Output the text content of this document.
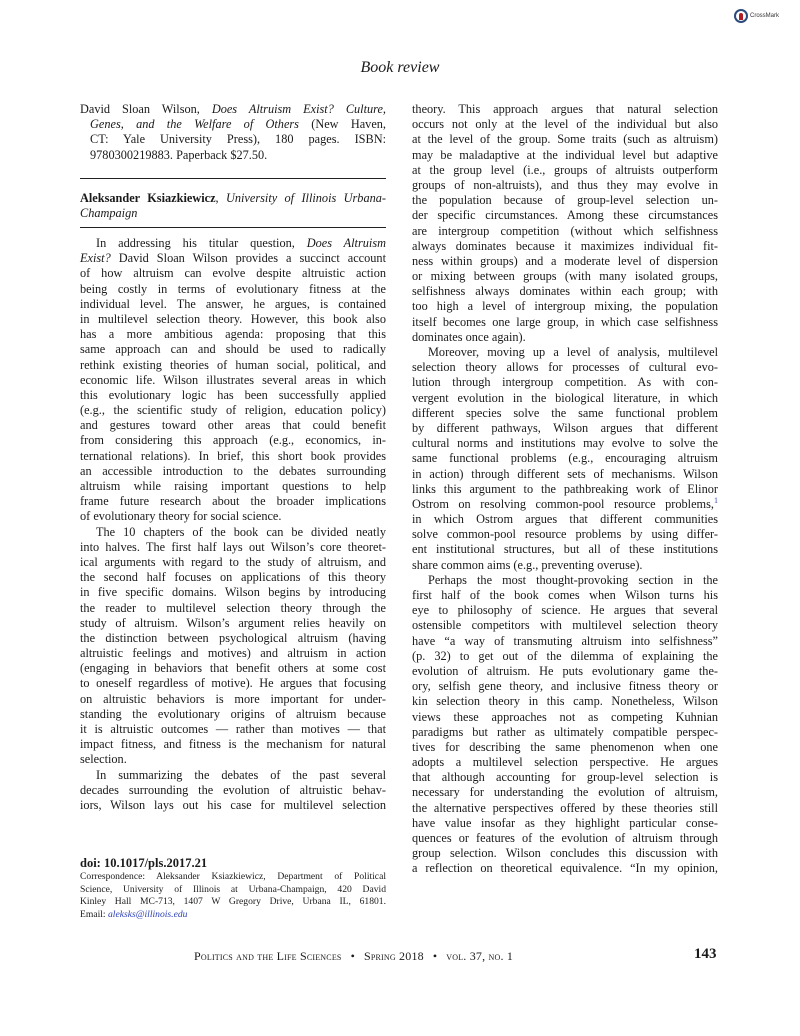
CrossMark
Book review
David Sloan Wilson, Does Altruism Exist? Culture,
Genes, and the Welfare of Others (New Haven,
CT: Yale University Press), 180 pages. ISBN:
9780300219883. Paperback $27.50.
Aleksander Ksiazkiewicz, University of Illinois Urbana-
Champaign
In addressing his titular question, Does Altruism
Exist? David Sloan Wilson provides a succinct account
of how altruism can evolve despite altruistic action
being costly in terms of evolutionary fitness at the
individual level. The answer, he argues, is contained
in multilevel selection theory. However, this book also
has a more ambitious agenda: proposing that this
same approach can and should be used to radically
rethink existing theories of human social, political, and
economic life. Wilson illustrates several areas in which
this evolutionary logic has been successfully applied
(e.g., the scientific study of religion, education policy)
and gestures toward other areas that could benefit
from considering this approach (e.g., economics, in-
ternational relations). In brief, this short book provides
an accessible introduction to the debates surrounding
altruism while raising important questions to help
frame future research about the broader implications
of evolutionary theory for social science.
The 10 chapters of the book can be divided neatly
into halves. The first half lays out Wilson’s core theoret-
ical arguments with regard to the study of altruism, and
the second half focuses on applications of this theory
in five specific domains. Wilson begins by introducing
the reader to multilevel selection theory through the
study of altruism. Wilson’s argument relies heavily on
the distinction between psychological altruism (having
altruistic feelings and motives) and altruism in action
(engaging in behaviors that benefit others at some cost
to oneself regardless of motive). He argues that focusing
on altruistic behaviors is more important for under-
standing the evolutionary origins of altruism because
it is altruistic outcomes — rather than motives — that
impact fitness, and fitness is the mechanism for natural
selection.
In summarizing the debates of the past several
decades surrounding the evolution of altruistic behav-
iors, Wilson lays out his case for multilevel selection
doi: 10.1017/pls.2017.21
Correspondence: Aleksander Ksiazkiewicz, Department of Political
Science, University of Illinois at Urbana-Champaign, 420 David
Kinley Hall MC-713, 1407 W Gregory Drive, Urbana IL, 61801.
Email: aleksks@illinois.edu
theory. This approach argues that natural selection
occurs not only at the level of the individual but also
at the level of the group. Some traits (such as altruism)
may be maladaptive at the individual level but adaptive
at the group level (i.e., groups of altruists outperform
groups of non-altruists), and thus they may evolve in
the population because of group-level selection un-
der specific circumstances. Among these circumstances
are intergroup competition (without which selfishness
always dominates because it maximizes individual fit-
ness within groups) and a moderate level of dispersion
or mixing between groups (with many isolated groups,
selfishness always dominates within each group; with
too high a level of intergroup mixing, the population
itself becomes one large group, in which case selfishness
dominates once again).
Moreover, moving up a level of analysis, multilevel
selection theory allows for processes of cultural evo-
lution through intergroup competition. As with con-
vergent evolution in the biological literature, in which
different species solve the same functional problem
by different pathways, Wilson argues that different
cultural norms and institutions may evolve to solve the
same functional problems (e.g., encouraging altruism
in action) through different sets of mechanisms. Wilson
links this argument to the pathbreaking work of Elinor
Ostrom on resolving common-pool resource problems,$^1$
in which Ostrom argues that different communities
solve common-pool resource problems by using differ-
ent institutional structures, but all of these institutions
share common aims (e.g., preventing overuse).
Perhaps the most thought-provoking section in the
first half of the book comes when Wilson turns his
eye to philosophy of science. He argues that several
ostensible competitors with multilevel selection theory
have “a way of transmuting altruism into selfishness”
(p. 32) to get out of the dilemma of explaining the
evolution of altruism. He puts evolutionary game the-
ory, selfish gene theory, and inclusive fitness theory or
kin selection theory in this camp. Nonetheless, Wilson
views these approaches not as competing Kuhnian
paradigms but rather as ultimately compatible perspec-
tives for describing the same phenomenon when one
adopts a multilevel selection perspective. He argues
that although accounting for group-level selection is
necessary for understanding the evolution of altruism,
the alternative perspectives offered by these theories still
have value insofar as they highlight particular conse-
quences or features of the evolution of altruism through
group selection. Wilson concludes this discussion with
a reflection on theoretical equivalence. “In my opinion,
Politics and the Life Sciences • Spring 2018 • vol. 37, no. 1	143
